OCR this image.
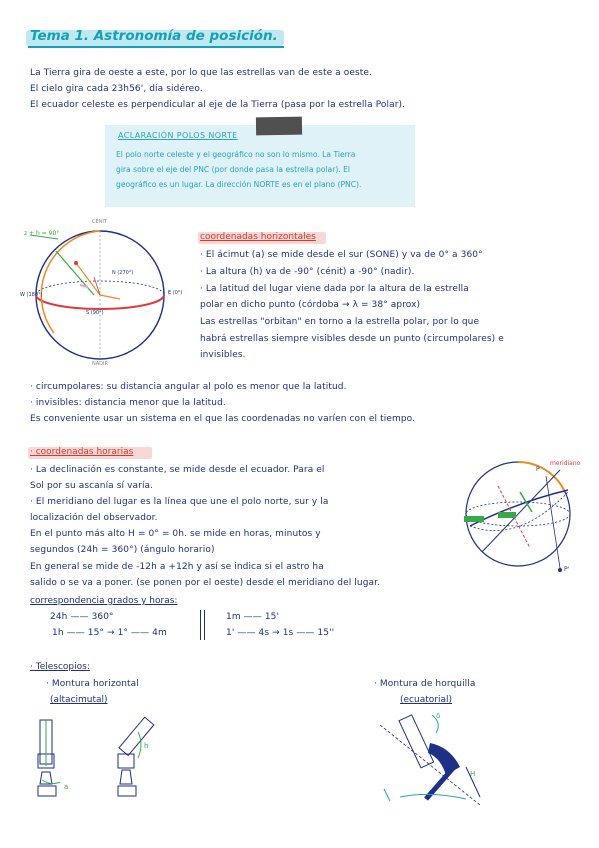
Tema 1. Astronomía de posición.
La Tierra gira de oeste a este, por lo que las estrellas van de este a oeste.
El cielo gira cada 23h56', día sidéreo.
El ecuador celeste es perpendicular al eje de la Tierra (pasa por la estrella Polar).
ACLARACIÓN POLOS NORTE
El polo norte celeste y el geográfico no son lo mismo. La Tierra
gira sobre el eje del PNC (por donde pasa la estrella polar). El
geográfico es un lugar. La dirección NORTE es en el plano (PNC).
CÉNIT
NADIR
z + h = 90°
W (180°)	E (0°)
N (270°)
S (90°)
coordenadas horizontales
· El ácimut (a) se mide desde el sur (SONE) y va de 0° a 360°
· La altura (h) va de -90° (cénit) a -90° (nadir).
· La latitud del lugar viene dada por la altura de la estrella
polar en dicho punto (córdoba → λ = 38° aprox)
Las estrellas "orbitan" en torno a la estrella polar, por lo que
habrá estrellas siempre visibles desde un punto (circumpolares) e
invisibles.
· circumpolares: su distancia angular al polo es menor que la latitud.
· invisibles: distancia menor que la latitud.
Es conveniente usar un sistema en el que las coordenadas no varíen con el tiempo.
· coordenadas horarias
· La declinación es constante, se mide desde el ecuador. Para el
Sol por su ascanía sí varía.
· El meridiano del lugar es la línea que une el polo norte, sur y la
localización del observador.
En el punto más alto H = 0° = 0h. se mide en horas, minutos y
segundos (24h = 360°) (ángulo horario)
En general se mide de -12h a +12h y así se indica si el astro ha
salido o se va a poner. (se ponen por el oeste) desde el meridiano del lugar.
correspondencia grados y horas:
24h —— 360°
1h —— 15° → 1° —— 4m
1m —— 15'
1' —— 4s → 1s —— 15''
meridiano
P
P'
· Telescopios:
· Montura horizontal
(altacimutal)
· Montura de horquilla
(ecuatorial)
a
h
H
δ
